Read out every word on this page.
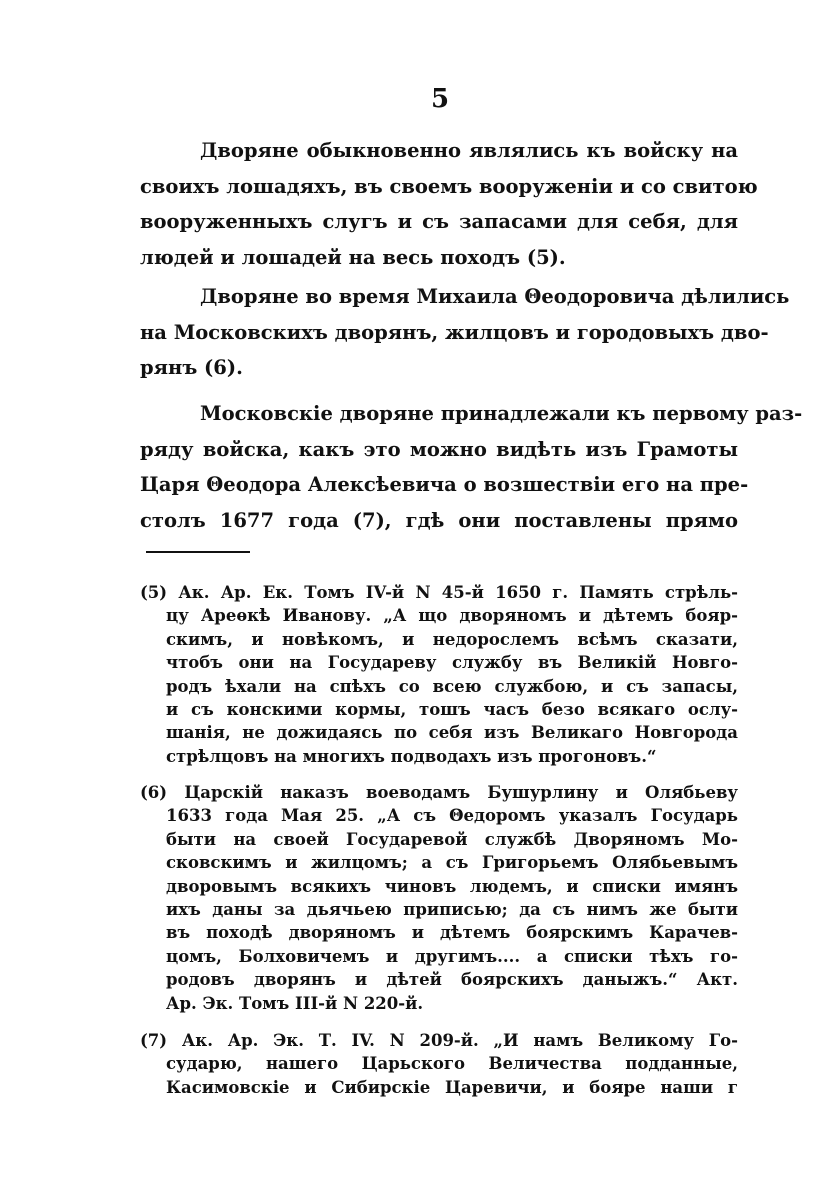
5

Дворяне обыкновенно являлись къ войску на
своихъ лошадяхъ, въ своемъ вооруженіи и со свитою
вооруженныхъ слугъ и съ запасами для себя, для
людей и лошадей на весь походъ (5).

Дворяне во время Михаила Θеодоровича дѣлились
на Московскихъ дворянъ, жилцовъ и городовыхъ дво-
рянъ (6).

Московскіе дворяне принадлежали къ первому раз-
ряду войска, какъ это можно видѣть изъ Грамоты
Царя Θеодора Алексѣевича о возшествіи его на пре-
столъ 1677 года (7), гдѣ они поставлены прямо

(5) Ак. Ар. Ек. Томъ IV-й N 45-й 1650 г. Память стрѣль-
цу Ареѳкѣ Иванову. „А що дворяномъ и дѣтемъ бояр-
скимъ, и новѣкомъ, и недорослемъ всѣмъ сказати,
чтобъ они на Государеву службу въ Великій Новго-
родъ ѣхали на спѣхъ со всею службою, и съ запасы,
и съ конскими кормы, тошъ часъ безо всякаго ослу-
шанія, не дожидаясь по себя изъ Великаго Новгорода
стрѣлцовъ на многихъ подводахъ изъ прогоновъ.“

(6) Царскій наказъ воеводамъ Бушурлину и Олябьеву
1633 года Мая 25. „А съ Θедоромъ указалъ Государь
быти на своей Государевой службѣ Дворяномъ Мо-
сковскимъ и жилцомъ; а съ Григорьемъ Олябьевымъ
дворовымъ всякихъ чиновъ людемъ, и списки имянъ
ихъ даны за дьячьею приписью; да съ нимъ же быти
въ походѣ дворяномъ и дѣтемъ боярскимъ Карачев-
цомъ, Болховичемъ и другимъ.... а списки тѣхъ го-
родовъ дворянъ и дѣтей боярскихъ даныжъ.“ Акт.
Ар. Эк. Томъ III-й N 220-й.

(7) Ак. Ар. Эк. Т. IV. N 209-й. „И намъ Великому Го-
сударю, нашего Царьского Величества подданные,
Касимовскіе и Сибирскіе Царевичи, и бояре наши г
